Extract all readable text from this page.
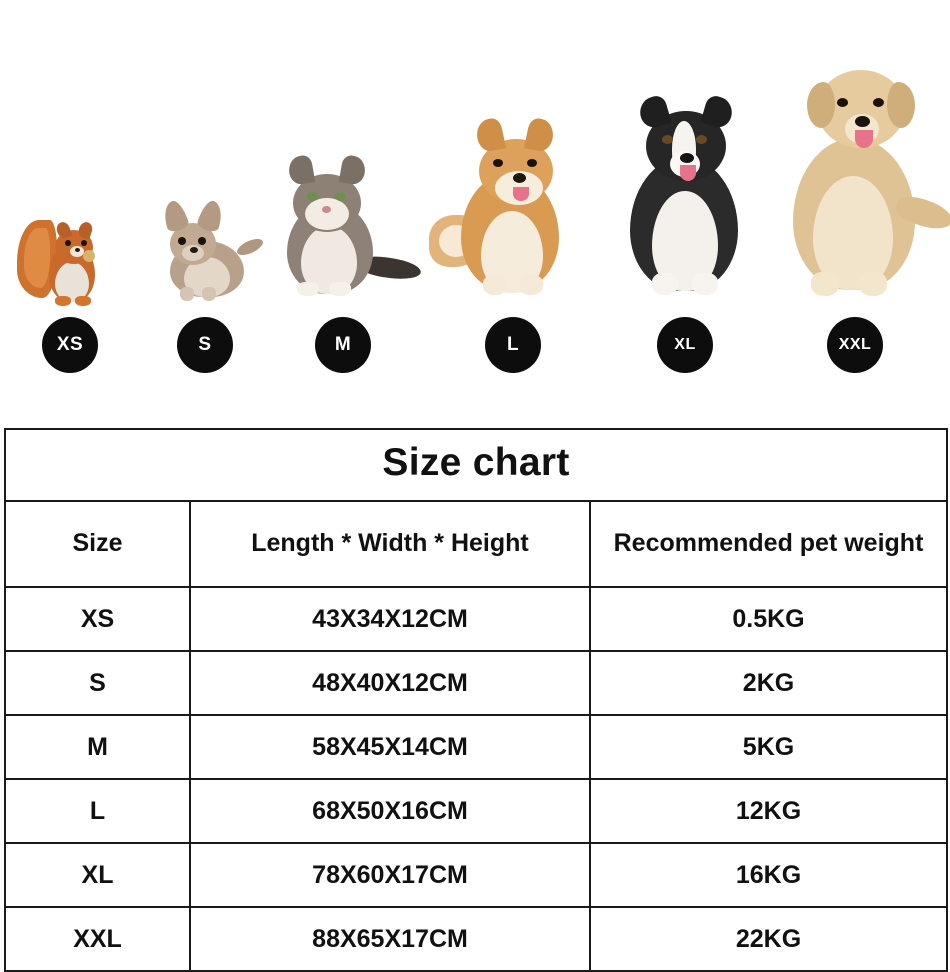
XS	S	M	L	XL	XXL
Size chart		
Size	Length * Width * Height	Recommended pet weight
XS	43X34X12CM	0.5KG
S	48X40X12CM	2KG
M	58X45X14CM	5KG
L	68X50X16CM	12KG
XL	78X60X17CM	16KG
XXL	88X65X17CM	22KG
